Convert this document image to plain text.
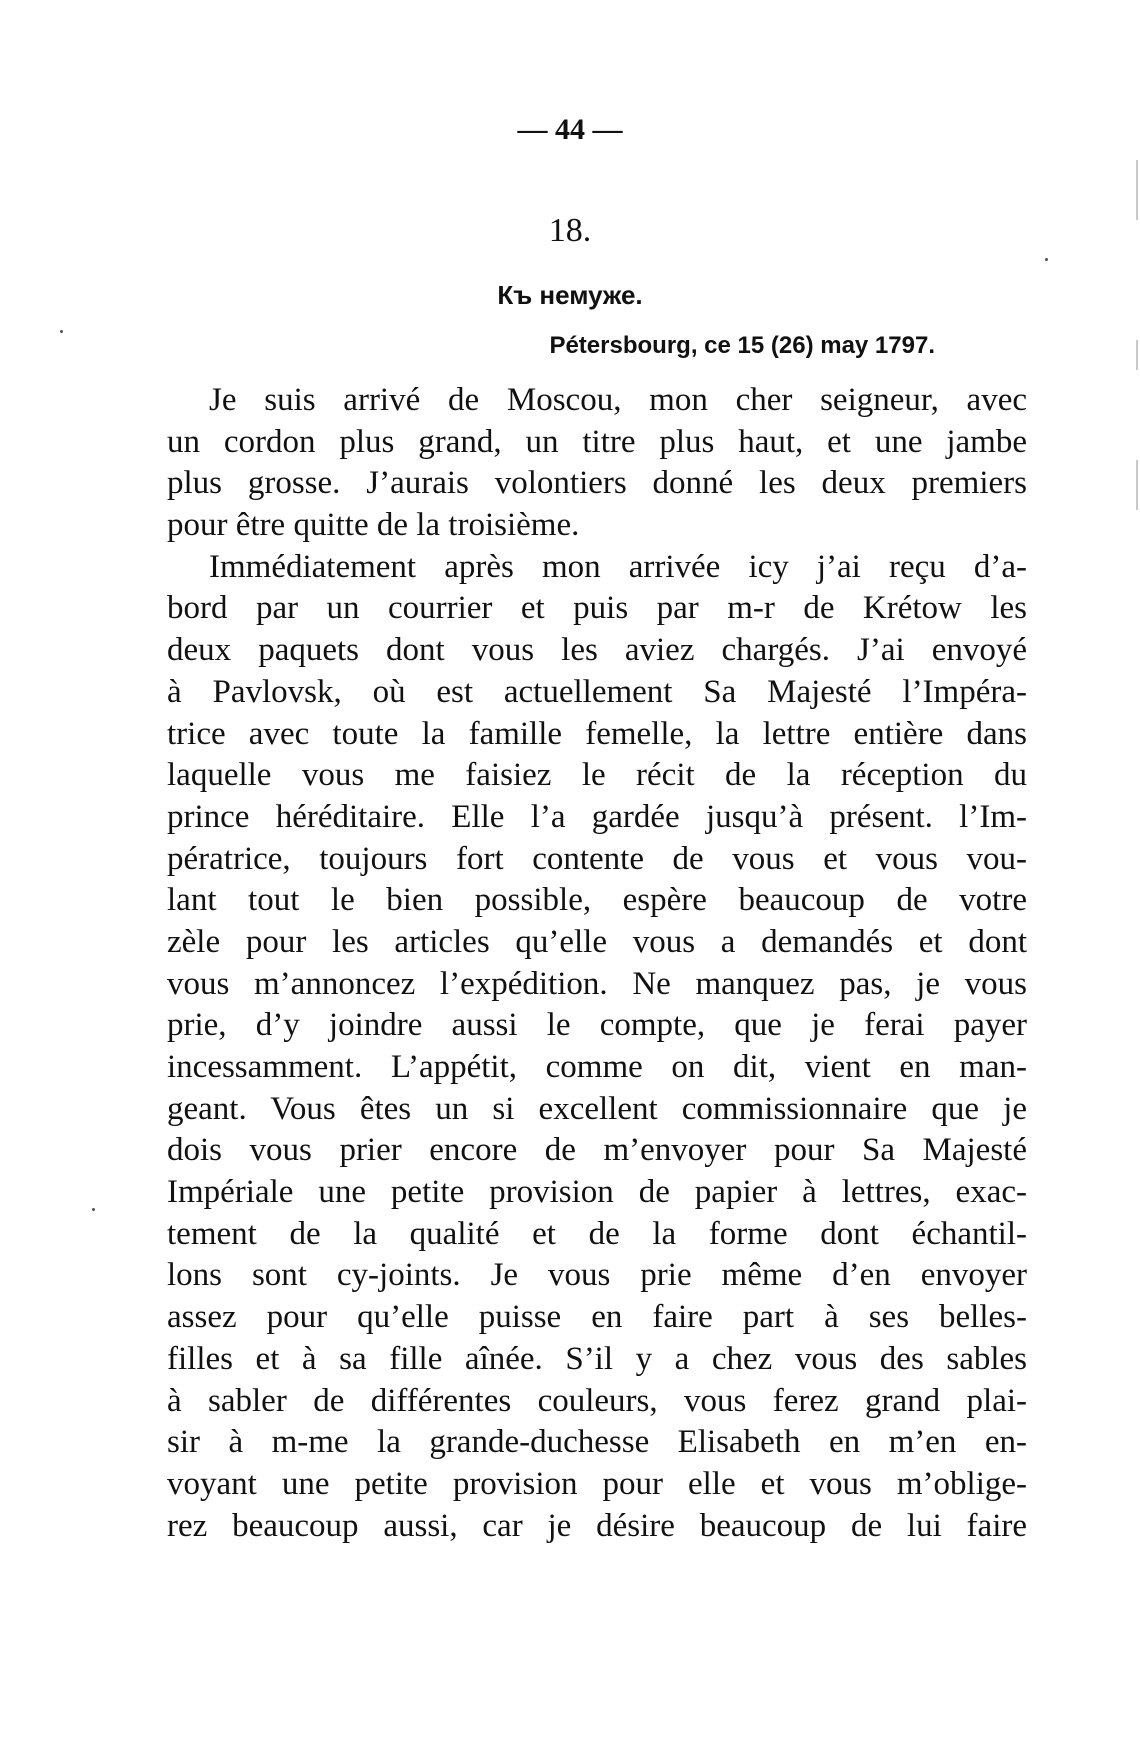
— 44 —

18.

Къ немуже.

Pétersbourg, ce 15 (26) may 1797.

Je suis arrivé de Moscou, mon cher seigneur, avec
un cordon plus grand, un titre plus haut, et une jambe
plus grosse. J’aurais volontiers donné les deux premiers
pour être quitte de la troisième.
Immédiatement après mon arrivée icy j’ai reçu d’a-
bord par un courrier et puis par m-r de Krétow les
deux paquets dont vous les aviez chargés. J’ai envoyé
à Pavlovsk, où est actuellement Sa Majesté l’Impéra-
trice avec toute la famille femelle, la lettre entière dans
laquelle vous me faisiez le récit de la réception du
prince héréditaire. Elle l’a gardée jusqu’à présent. l’Im-
pératrice, toujours fort contente de vous et vous vou-
lant tout le bien possible, espère beaucoup de votre
zèle pour les articles qu’elle vous a demandés et dont
vous m’annoncez l’expédition. Ne manquez pas, je vous
prie, d’y joindre aussi le compte, que je ferai payer
incessamment. L’appétit, comme on dit, vient en man-
geant. Vous êtes un si excellent commissionnaire que je
dois vous prier encore de m’envoyer pour Sa Majesté
Impériale une petite provision de papier à lettres, exac-
tement de la qualité et de la forme dont échantil-
lons sont cy-joints. Je vous prie même d’en envoyer
assez pour qu’elle puisse en faire part à ses belles-
filles et à sa fille aînée. S’il y a chez vous des sables
à sabler de différentes couleurs, vous ferez grand plai-
sir à m-me la grande-duchesse Elisabeth en m’en en-
voyant une petite provision pour elle et vous m’oblige-
rez beaucoup aussi, car je désire beaucoup de lui faire
